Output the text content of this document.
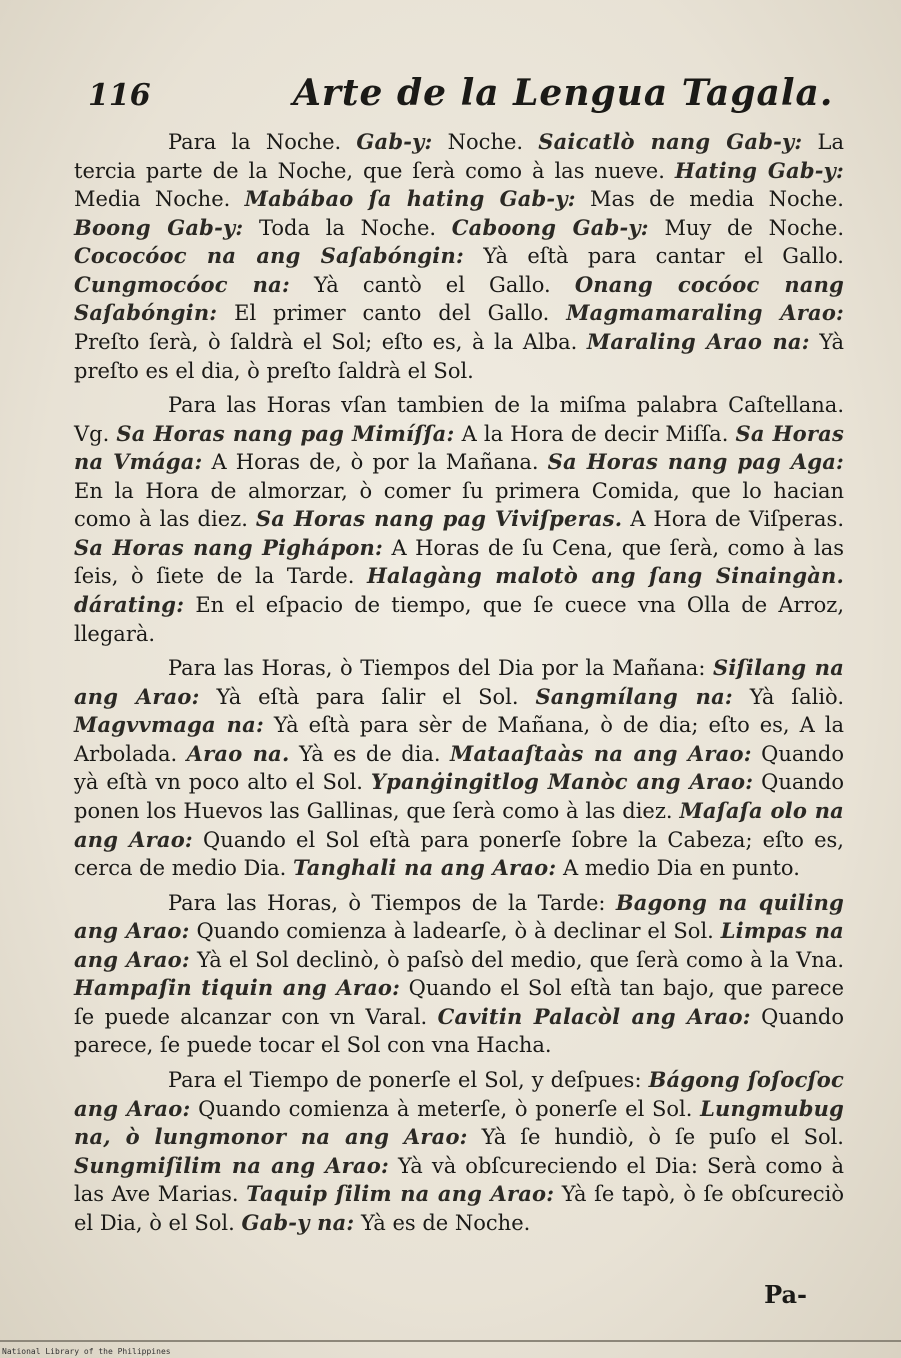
116	Arte de la Lengua Tagala.

Para la Noche. Gab-y: Noche. Saicatlò nang Gab-y: La tercia parte de la Noche, que ſerà como à las nueve. Hating Gab-y: Media Noche. Mabábao ſa hating Gab-y: Mas de media Noche. Boong Gab-y: Toda la Noche. Caboong Gab-y: Muy de Noche. Cococóoc na ang Saſabóngin: Yà eſtà para cantar el Gallo. Cungmocóoc na: Yà cantò el Gallo. Onang cocóoc nang Saſabóngin: El primer canto del Gallo. Magmamaraling Arao: Preſto ſerà, ò ſaldrà el Sol; eſto es, à la Alba. Maraling Arao na: Yà preſto es el dia, ò preſto ſaldrà el Sol.

Para las Horas vſan tambien de la miſma palabra Caſtellana. Vg. Sa Horas nang pag Mimíſſa: A la Hora de decir Miſſa. Sa Horas na Vmága: A Horas de, ò por la Mañana. Sa Horas nang pag Aga: En la Hora de almorzar, ò comer ſu primera Comida, que lo hacian como à las diez. Sa Horas nang pag Viviſperas. A Hora de Viſperas. Sa Horas nang Pighápon: A Horas de ſu Cena, que ſerà, como à las ſeis, ò ſiete de la Tarde. Halagàng malotò ang ſang Sinaingàn. dárating: En el eſpacio de tiempo, que ſe cuece vna Olla de Arroz, llegarà.

Para las Horas, ò Tiempos del Dia por la Mañana: Siſilang na ang Arao: Yà eſtà para ſalir el Sol. Sangmílang na: Yà ſaliò. Magvvmaga na: Yà eſtà para sèr de Mañana, ò de dia; eſto es, A la Arbolada. Arao na. Yà es de dia. Mataaſtaàs na ang Arao: Quando yà eſtà vn poco alto el Sol. Ypanġingitlog Manòc ang Arao: Quando ponen los Huevos las Gallinas, que ſerà como à las diez. Maſaſa olo na ang Arao: Quando el Sol eſtà para ponerſe ſobre la Cabeza; eſto es, cerca de medio Dia. Tanghali na ang Arao: A medio Dia en punto.

Para las Horas, ò Tiempos de la Tarde: Bagong na quiling ang Arao: Quando comienza à ladearſe, ò à declinar el Sol. Limpas na ang Arao: Yà el Sol declinò, ò paſsò del medio, que ſerà como à la Vna. Hampaſin tiquin ang Arao: Quando el Sol eſtà tan bajo, que parece ſe puede alcanzar con vn Varal. Cavitin Palacòl ang Arao: Quando parece, ſe puede tocar el Sol con vna Hacha.

Para el Tiempo de ponerſe el Sol, y deſpues: Bágong ſoſocſoc ang Arao: Quando comienza à meterſe, ò ponerſe el Sol. Lungmubug na, ò lungmonor na ang Arao: Yà ſe hundiò, ò ſe puſo el Sol. Sungmiſilim na ang Arao: Yà và obſcureciendo el Dia: Serà como à las Ave Marias. Taquip ſilim na ang Arao: Yà ſe tapò, ò ſe obſcureciò el Dia, ò el Sol. Gab-y na: Yà es de Noche.

Pa-
National Library of the Philippines
